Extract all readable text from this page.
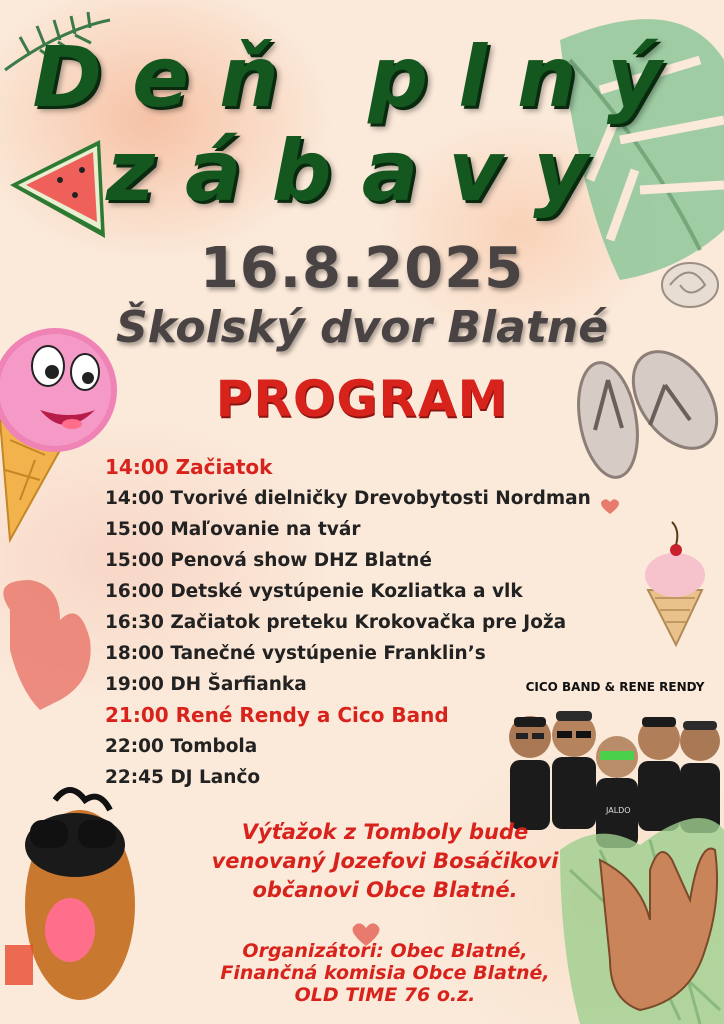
JALDO
Deň plný
zábavy
16.8.2025
Školský dvor Blatné
PROGRAM
14:00 Začiatok
14:00 Tvorivé dielničky Drevobytosti Nordman
15:00 Maľovanie na tvár
15:00 Penová show DHZ Blatné
16:00 Detské vystúpenie Kozliatka a vlk
16:30 Začiatok preteku Krokovačka pre Joža
18:00 Tanečné vystúpenie Franklin’s
19:00 DH Šarfianka
21:00 René Rendy a Cico Band
22:00 Tombola
22:45 DJ Lančo
CICO BAND & RENE RENDY
Výťažok z Tomboly bude
venovaný Jozefovi Bosáčikovi
občanovi Obce Blatné.
Organizátori: Obec Blatné,
Finančná komisia Obce Blatné,
OLD TIME 76 o.z.
